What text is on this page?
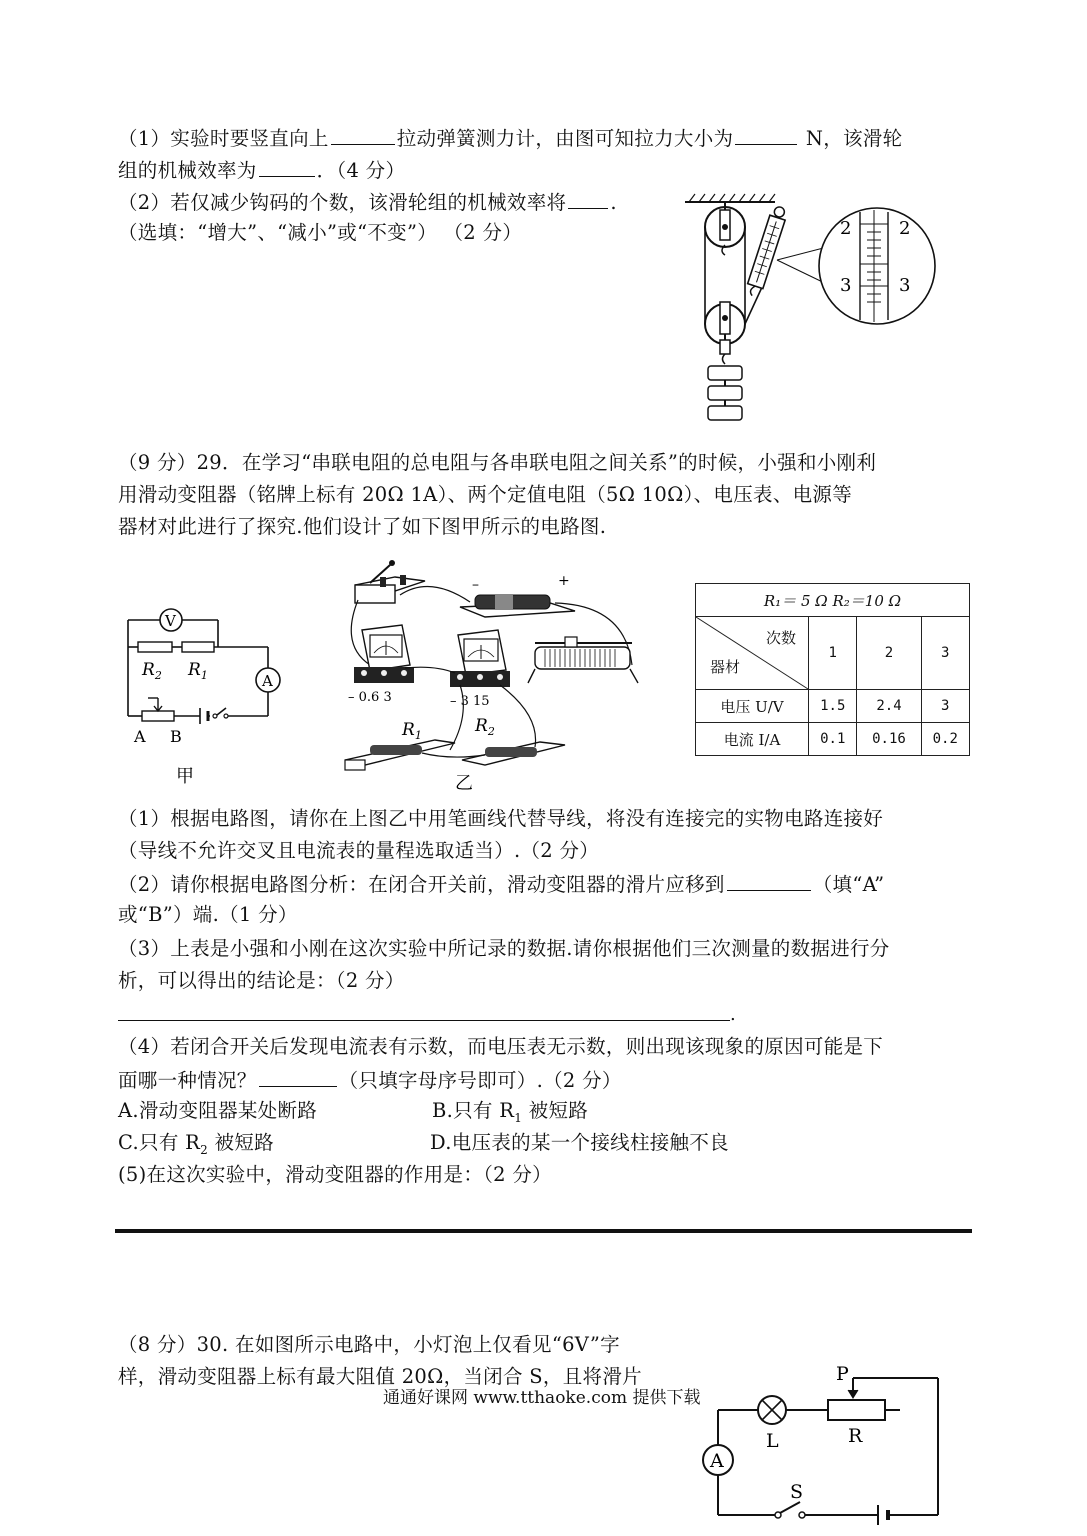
（1）实验时要竖直向上	拉动弹簧测力计，由图可知拉力大小为	N，该滑轮
组的机械效率为	．（4 分）
（2）若仅减少钩码的个数，该滑轮组的机械效率将 .
（选填：“增大”、“减小”或“不变”） （2 分）	2	2
3	3
（9 分）29．在学习“串联电阻的总电阻与各串联电阻之间关系”的时候，小强和小刚利
用滑动变阻器（铭牌上标有 20Ω 1A）、两个定值电阻（5Ω 10Ω）、电压表、电源等
器材对此进行了探究.他们设计了如下图甲所示的电路图.
V
$R_2$ $R_1$	A
A B
甲
–	+
– 0.6 3	– 3 15
$R_1$	$R_2$
乙
R₁＝ 5 Ω R₂＝10 Ω			

次数
器材	1	2	3
电压 U/V	1.5	2.4	3
电流 I/A	0.1	0.16	0.2
（1）根据电路图，请你在上图乙中用笔画线代替导线，将没有连接完的实物电路连接好
（导线不允许交叉且电流表的量程选取适当）.（2 分）
（2）请你根据电路图分析：在闭合开关前，滑动变阻器的滑片应移到	（填“A”
或“B”）端.（1 分）
（3）上表是小强和小刚在这次实验中所记录的数据.请你根据他们三次测量的数据进行分
析，可以得出的结论是：（2 分）
.
（4）若闭合开关后发现电流表有示数，而电压表无示数，则出现该现象的原因可能是下
面哪一种情况？	（只填字母序号即可）.（2 分）
A.滑动变阻器某处断路	B.只有 $R_1$ 被短路
C.只有 $R_2$ 被短路	D.电压表的某一个接线柱接触不良
(5)在这次实验中，滑动变阻器的作用是：（2 分）
（8 分）30. 在如图所示电路中，小灯泡上仅看见“6V”字
样，滑动变阻器上标有最大阻值 20Ω，当闭合 S，且将滑片
通通好课网 www.tthaoke.com 提供下载
A
P
R
L
S
